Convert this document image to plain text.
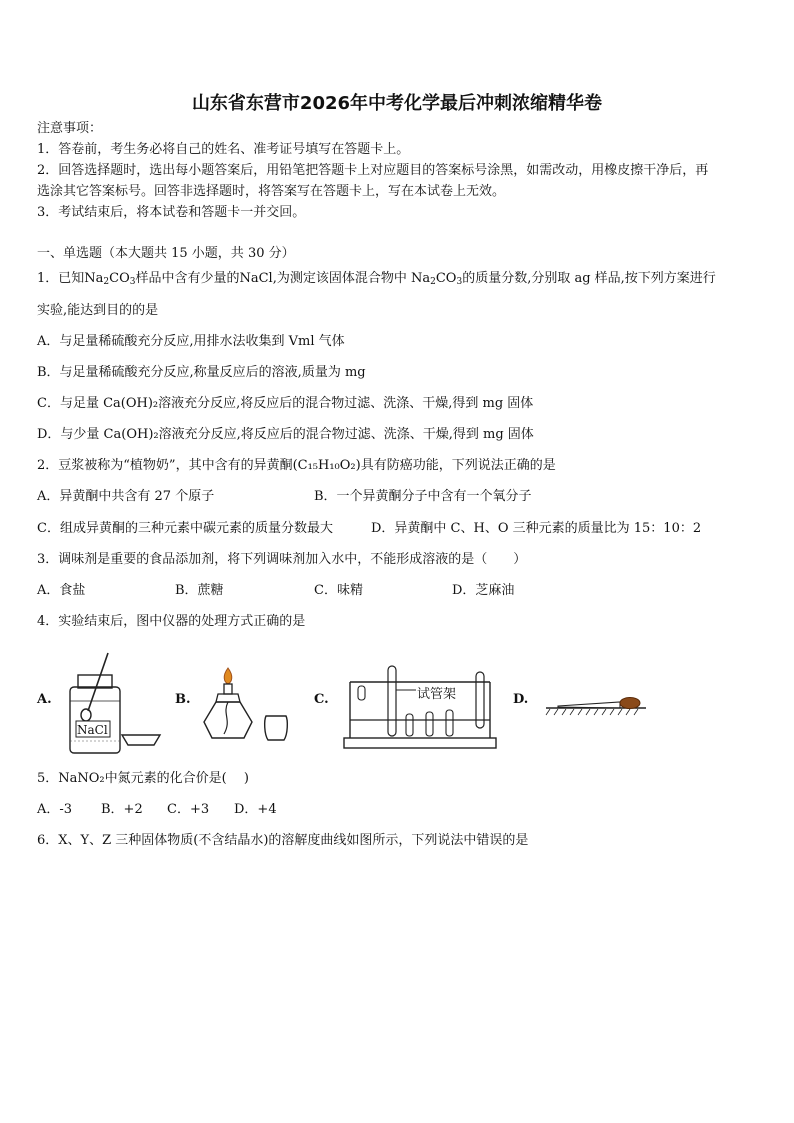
山东省东营市2026年中考化学最后冲刺浓缩精华卷
注意事项：
1．答卷前，考生务必将自己的姓名、准考证号填写在答题卡上。
2．回答选择题时，选出每小题答案后，用铅笔把答题卡上对应题目的答案标号涂黑，如需改动，用橡皮擦干净后，再
选涂其它答案标号。回答非选择题时，将答案写在答题卡上，写在本试卷上无效。
3．考试结束后，将本试卷和答题卡一并交回。
一、单选题（本大题共 15 小题，共 30 分）
1．已知$Na_2CO_3$样品中含有少量的NaCl,为测定该固体混合物中 $Na_2CO_3$的质量分数,分别取 ag 样品,按下列方案进行
实验,能达到目的的是
A．与足量稀硫酸充分反应,用排水法收集到 Vml 气体
B．与足量稀硫酸充分反应,称量反应后的溶液,质量为 mg
C．与足量 Ca(OH)₂溶液充分反应,将反应后的混合物过滤、洗涤、干燥,得到 mg 固体
D．与少量 Ca(OH)₂溶液充分反应,将反应后的混合物过滤、洗涤、干燥,得到 mg 固体
2．豆浆被称为“植物奶”，其中含有的异黄酮(C₁₅H₁₀O₂)具有防癌功能，下列说法正确的是
A．异黄酮中共含有 27 个原子	B．一个异黄酮分子中含有一个氧分子
C．组成异黄酮的三种元素中碳元素的质量分数最大	D．异黄酮中 C、H、O 三种元素的质量比为 15：10：2
3．调味剂是重要的食品添加剂，将下列调味剂加入水中，不能形成溶液的是（　　）
A．食盐	B．蔗糖	C．味精	D．芝麻油
4．实验结束后，图中仪器的处理方式正确的是
A.
NaCl
B.	C.	试管架	D.
5．NaNO₂中氮元素的化合价是(　 )
A．-3 B．+2 C．+3 D．+4
6．X、Y、Z 三种固体物质(不含结晶水)的溶解度曲线如图所示，下列说法中错误的是
